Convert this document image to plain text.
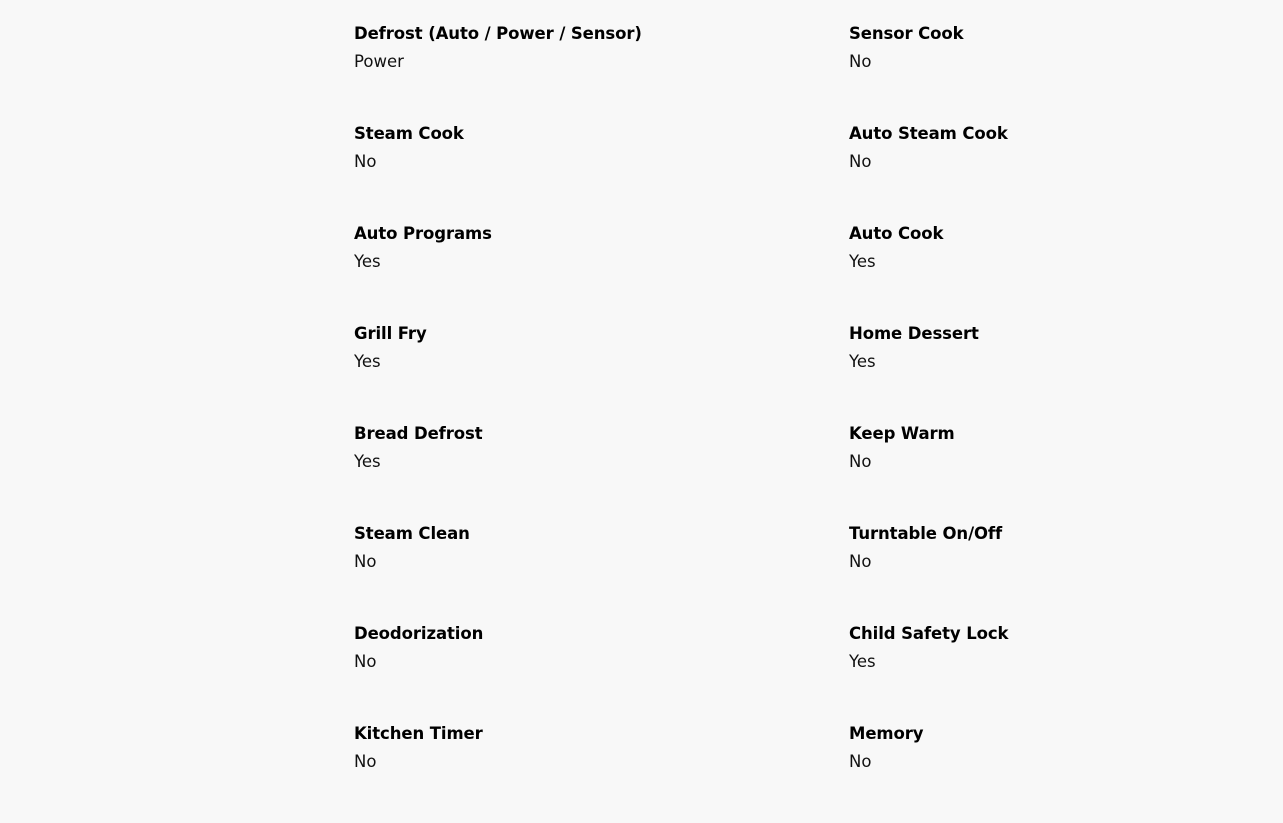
Defrost (Auto / Power / Sensor)
Power
Sensor Cook
No
Steam Cook
No
Auto Steam Cook
No
Auto Programs
Yes
Auto Cook
Yes
Grill Fry
Yes
Home Dessert
Yes
Bread Defrost
Yes
Keep Warm
No
Steam Clean
No
Turntable On/Off
No
Deodorization
No
Child Safety Lock
Yes
Kitchen Timer
No
Memory
No
